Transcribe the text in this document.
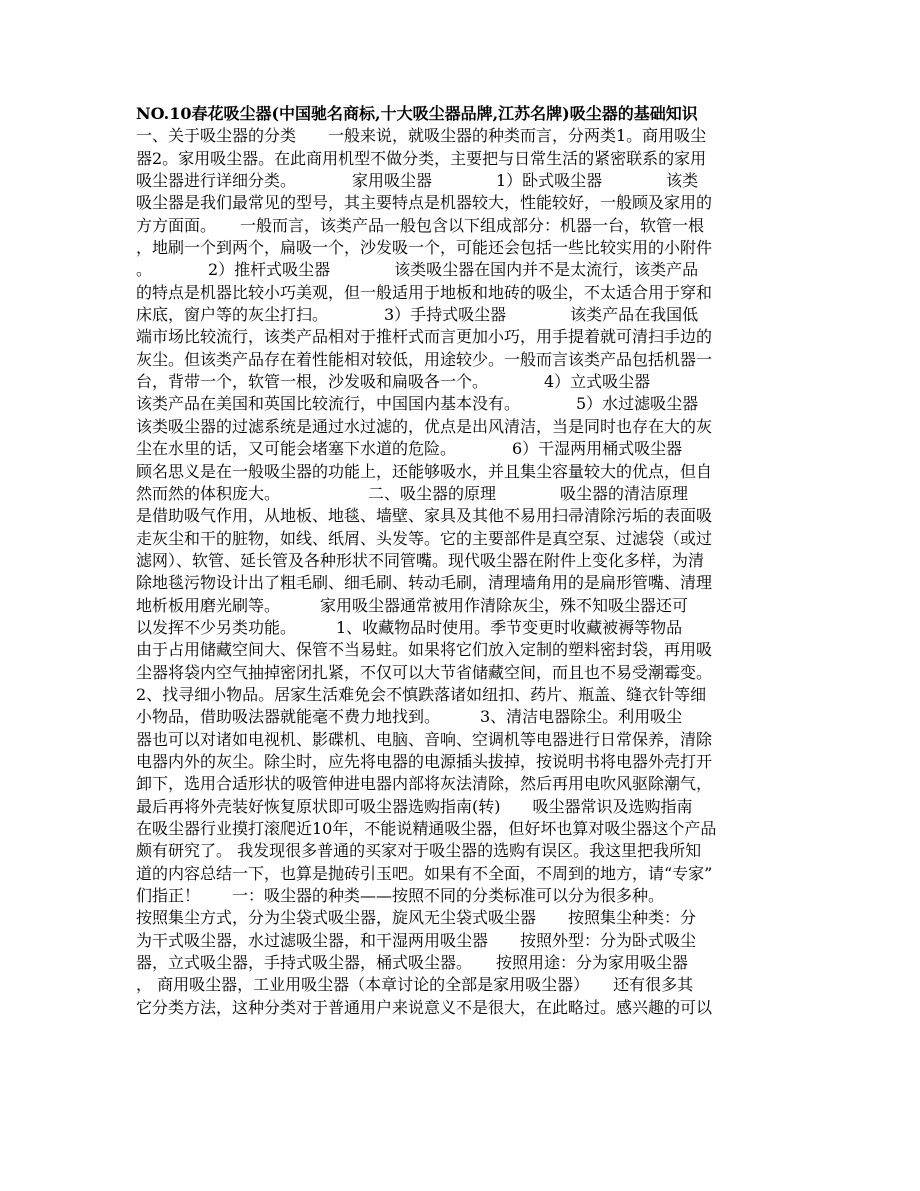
NO.10春花吸尘器(中国驰名商标,十大吸尘器品牌,江苏名牌)吸尘器的基础知识
一、关于吸尘器的分类　　一般来说，就吸尘器的种类而言，分两类1。商用吸尘
器2。家用吸尘器。在此商用机型不做分类，主要把与日常生活的紧密联系的家用
吸尘器进行详细分类。　　　　家用吸尘器　　　　1）卧式吸尘器　　　　该类
吸尘器是我们最常见的型号，其主要特点是机器较大，性能较好，一般顾及家用的
方方面面。　　一般而言，该类产品一般包含以下组成部分：机器一台，软管一根
，地刷一个到两个，扁吸一个，沙发吸一个，可能还会包括一些比较实用的小附件
。　　　　2）推杆式吸尘器　　　　该类吸尘器在国内并不是太流行，该类产品
的特点是机器比较小巧美观，但一般适用于地板和地砖的吸尘，不太适合用于穿和
床底，窗户等的灰尘打扫。　　　　3）手持式吸尘器　　　　该类产品在我国低
端市场比较流行，该类产品相对于推杆式而言更加小巧，用手提着就可清扫手边的
灰尘。但该类产品存在着性能相对较低，用途较少。一般而言该类产品包括机器一
台，背带一个，软管一根，沙发吸和扁吸各一个。　　　　4）立式吸尘器
该类产品在美国和英国比较流行，中国国内基本没有。　　　　5）水过滤吸尘器
该类吸尘器的过滤系统是通过水过滤的，优点是出风清洁，当是同时也存在大的灰
尘在水里的话，又可能会堵塞下水道的危险。　　　　6）干湿两用桶式吸尘器
顾名思义是在一般吸尘器的功能上，还能够吸水，并且集尘容量较大的优点，但自
然而然的体积庞大。　　　　　　二、吸尘器的原理　　　　吸尘器的清洁原理
是借助吸气作用，从地板、地毯、墙壁、家具及其他不易用扫帚清除污垢的表面吸
走灰尘和干的脏物，如线、纸屑、头发等。它的主要部件是真空泵、过滤袋（或过
滤网）、软管、延长管及各种形状不同管嘴。现代吸尘器在附件上变化多样，为清
除地毯污物设计出了粗毛刷、细毛刷、转动毛刷，清理墙角用的是扁形管嘴、清理
地析板用磨光刷等。　　　家用吸尘器通常被用作清除灰尘，殊不知吸尘器还可
以发挥不少另类功能。　　　1、收藏物品时使用。季节变更时收藏被褥等物品
由于占用储藏空间大、保管不当易蛀。如果将它们放入定制的塑料密封袋，再用吸
尘器将袋内空气抽掉密闭扎紧，不仅可以大节省储藏空间，而且也不易受潮霉变。
2、找寻细小物品。居家生活难免会不慎跌落诸如纽扣、药片、瓶盖、缝衣针等细
小物品，借助吸法器就能毫不费力地找到。　　　3、清洁电器除尘。利用吸尘
器也可以对诸如电视机、影碟机、电脑、音响、空调机等电器进行日常保养，清除
电器内外的灰尘。除尘时，应先将电器的电源插头拔掉，按说明书将电器外壳打开
卸下，选用合适形状的吸管伸进电器内部将灰法清除，然后再用电吹风驱除潮气，
最后再将外壳装好恢复原状即可吸尘器选购指南(转)　　吸尘器常识及选购指南
在吸尘器行业摸打滚爬近10年，不能说精通吸尘器，但好坏也算对吸尘器这个产品
颇有研究了。 我发现很多普通的买家对于吸尘器的选购有误区。我这里把我所知
道的内容总结一下，也算是抛砖引玉吧。如果有不全面，不周到的地方，请“专家”
们指正！　　一：吸尘器的种类——按照不同的分类标准可以分为很多种。
按照集尘方式，分为尘袋式吸尘器，旋风无尘袋式吸尘器　　按照集尘种类：分
为干式吸尘器，水过滤吸尘器，和干湿两用吸尘器　　按照外型：分为卧式吸尘
器，立式吸尘器，手持式吸尘器，桶式吸尘器。　　按照用途：分为家用吸尘器
， 商用吸尘器，工业用吸尘器（本章讨论的全部是家用吸尘器）　　还有很多其
它分类方法，这种分类对于普通用户来说意义不是很大，在此略过。感兴趣的可以
